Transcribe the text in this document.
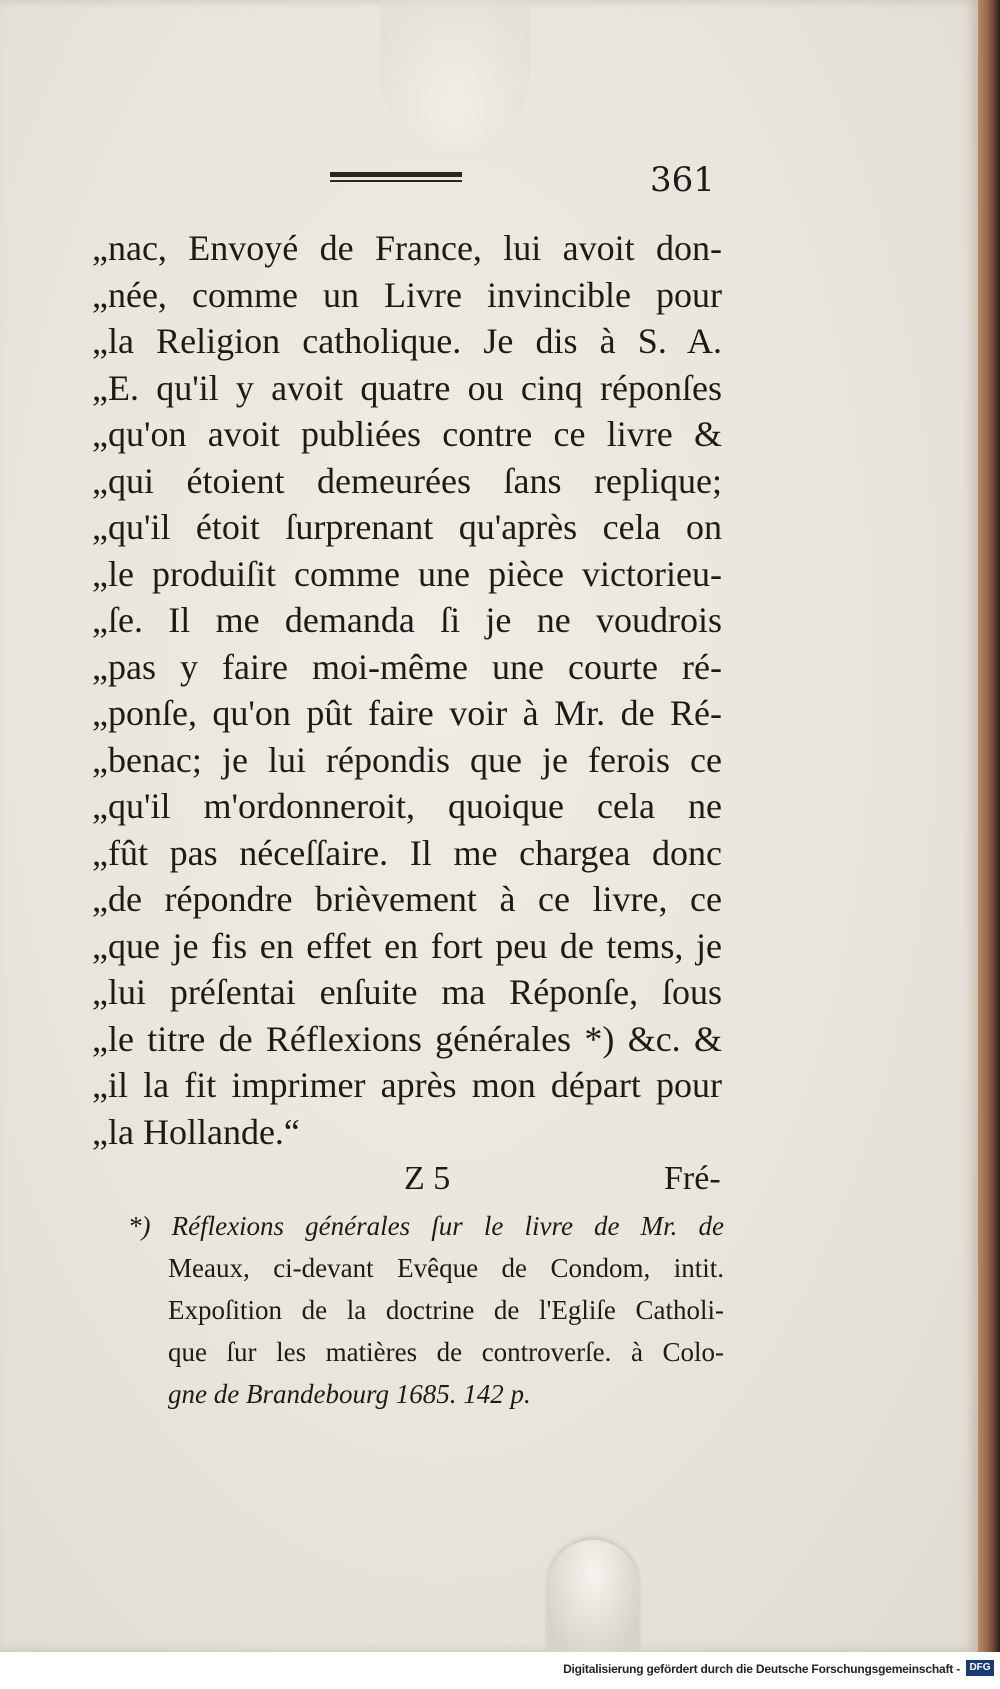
361
„nac, Envoyé de France, lui avoit don-
„née, comme un Livre invincible pour
„la Religion catholique. Je dis à S. A.
„E. qu'il y avoit quatre ou cinq réponſes
„qu'on avoit publiées contre ce livre &
„qui étoient demeurées ſans replique;
„qu'il étoit ſurprenant qu'après cela on
„le produiſit comme une pièce victorieu-
„ſe. Il me demanda ſi je ne voudrois
„pas y faire moi-même une courte ré-
„ponſe, qu'on pût faire voir à Mr. de Ré-
„benac; je lui répondis que je ferois ce
„qu'il m'ordonneroit, quoique cela ne
„fût pas néceſſaire. Il me chargea donc
„de répondre brièvement à ce livre, ce
„que je fis en effet en fort peu de tems, je
„lui préſentai enſuite ma Réponſe, ſous
„le titre de Réflexions générales *) &c. &
„il la fit imprimer après mon départ pour
„la Hollande.“
Z 5	Fré-
*) Réflexions générales ſur le livre de Mr. de
Meaux, ci-devant Evêque de Condom, intit.
Expoſition de la doctrine de l'Egliſe Catholi-
que ſur les matières de controverſe. à Colo-
gne de Brandebourg 1685. 142 p.
Digitalisierung gefördert durch die Deutsche Forschungsgemeinschaft - DFG
